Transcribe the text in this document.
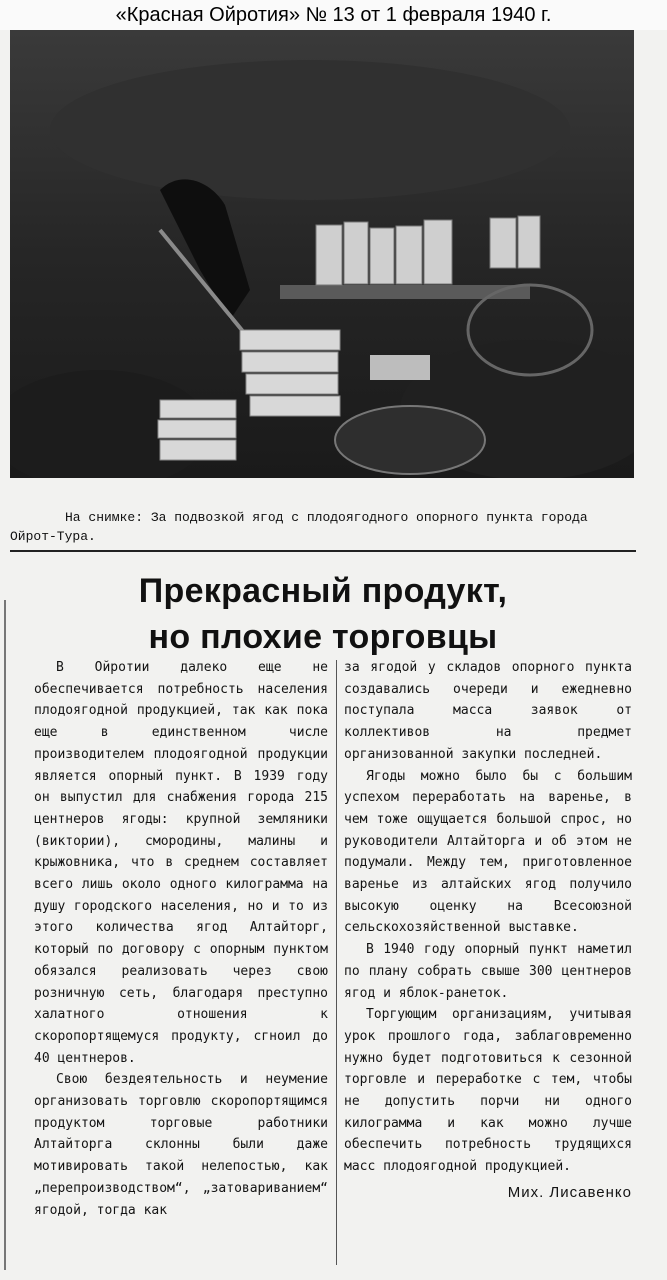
«Красная Ойротия» № 13 от 1 февраля 1940 г.
На снимке: За подвозкой ягод с плодоягодного опорного пункта города Ойрот-Тура.
Прекрасный продукт,
но плохие торговцы

В Ойротии далеко еще не обеспечивается потребность населения плодоягодной продукцией, так как пока еще в единственном числе производителем плодоягодной продукции является опорный пункт. В 1939 году он выпустил для снабжения города 215 центнеров ягоды: крупной земляники (виктории), смородины, малины и крыжовника, что в среднем составляет всего лишь около одного килограмма на душу городского населения, но и то из этого количества ягод Алтайторг, который по договору с опорным пунктом обязался реализовать через свою розничную сеть, благодаря преступно халатного отношения к скоропортящемуся продукту, сгноил до 40 центнеров.

Свою бездеятельность и неумение организовать торговлю скоропортящимся продуктом торговые работники Алтайторга склонны были даже мотивировать такой нелепостью, как „перепроизводством“, „затовариванием“ ягодой, тогда как

за ягодой у складов опорного пункта создавались очереди и ежедневно поступала масса заявок от коллективов на предмет организованной закупки последней.

Ягоды можно было бы с большим успехом переработать на варенье, в чем тоже ощущается большой спрос, но руководители Алтайторга и об этом не подумали. Между тем, приготовленное варенье из алтайских ягод получило высокую оценку на Всесоюзной сельскохозяйственной выставке.

В 1940 году опорный пункт наметил по плану собрать свыше 300 центнеров ягод и яблок-ранеток.

Торгующим организациям, учитывая урок прошлого года, заблаговременно нужно будет подготовиться к сезонной торговле и переработке с тем, чтобы не допустить порчи ни одного килограмма и как можно лучше обеспечить потребность трудящихся масс плодоягодной продукцией.

Мих. Лисавенко
